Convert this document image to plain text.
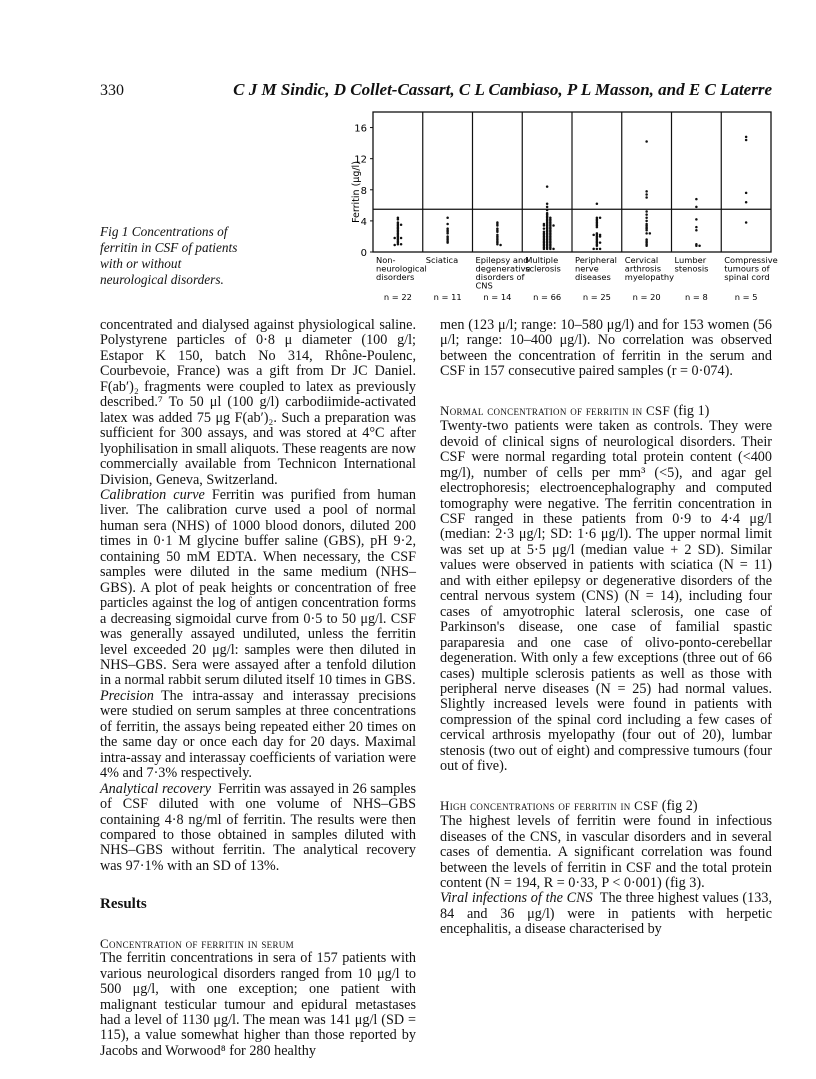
330	C J M Sindic, D Collet-Cassart, C L Cambiaso, P L Masson, and E C Laterre
Fig 1 Concentrations of ferritin in CSF of patients with or without neurological disorders.
0
4
8
12
16
Ferritin (μg/l)
Non-
neurological
disorders
n = 22
Sciatica
n = 11
Epilepsy and
degenerative
disorders of
CNS
n = 14
Multiple
sclerosis
n = 66
Peripheral
nerve
diseases
n = 25
Cervical
arthrosis
myelopathy
n = 20
Lumber
stenosis
n = 8
Compressive
tumours of
spinal cord
n = 5

concentrated and dialysed against physiological saline. Polystyrene particles of 0·8 μ diameter (100 g/l; Estapor K 150, batch No 314, Rhône-Poulenc, Courbevoie, France) was a gift from Dr JC Daniel. F(ab′)₂ fragments were coupled to latex as previously described.⁷ To 50 μl (100 g/l) carbodiimide-activated latex was added 75 μg F(ab′)₂. Such a preparation was sufficient for 300 assays, and was stored at 4°C after lyophilisation in small aliquots. These reagents are now commercially available from Technicon International Division, Geneva, Switzerland.

Calibration curve  Ferritin was purified from human liver. The calibration curve used a pool of normal human sera (NHS) of 1000 blood donors, diluted 200 times in 0·1 M glycine buffer saline (GBS), pH 9·2, containing 50 mM EDTA. When necessary, the CSF samples were diluted in the same medium (NHS–GBS). A plot of peak heights or concentration of free particles against the log of antigen concentration forms a decreasing sigmoidal curve from 0·5 to 50 μg/l. CSF was generally assayed undiluted, unless the ferritin level exceeded 20 μg/l: samples were then diluted in NHS–GBS. Sera were assayed after a tenfold dilution in a normal rabbit serum diluted itself 10 times in GBS.

Precision  The intra-assay and interassay precisions were studied on serum samples at three concentrations of ferritin, the assays being repeated either 20 times on the same day or once each day for 20 days. Maximal intra-assay and interassay coefficients of variation were 4% and 7·3% respectively.

Analytical recovery  Ferritin was assayed in 26 samples of CSF diluted with one volume of NHS–GBS containing 4·8 ng/ml of ferritin. The results were then compared to those obtained in samples diluted with NHS–GBS without ferritin. The analytical recovery was 97·1% with an SD of 13%.

Results

Concentration of ferritin in serum

The ferritin concentrations in sera of 157 patients with various neurological disorders ranged from 10 μg/l to 500 μg/l, with one exception; one patient with malignant testicular tumour and epidural metastases had a level of 1130 μg/l. The mean was 141 μg/l (SD = 115), a value somewhat higher than those reported by Jacobs and Worwood⁸ for 280 healthy

men (123 μ/l; range: 10–580 μg/l) and for 153 women (56 μ/l; range: 10–400 μg/l). No correlation was observed between the concentration of ferritin in the serum and CSF in 157 consecutive paired samples (r = 0·074).

Normal concentration of ferritin in CSF (fig 1)

Twenty-two patients were taken as controls. They were devoid of clinical signs of neurological disorders. Their CSF were normal regarding total protein content (<400 mg/l), number of cells per mm³ (<5), and agar gel electrophoresis; electroencephalography and computed tomography were negative. The ferritin concentration in CSF ranged in these patients from 0·9 to 4·4 μg/l (median: 2·3 μg/l; SD: 1·6 μg/l). The upper normal limit was set up at 5·5 μg/l (median value + 2 SD). Similar values were observed in patients with sciatica (N = 11) and with either epilepsy or degenerative disorders of the central nervous system (CNS) (N = 14), including four cases of amyotrophic lateral sclerosis, one case of Parkinson's disease, one case of familial spastic paraparesia and one case of olivo-ponto-cerebellar degeneration. With only a few exceptions (three out of 66 cases) multiple sclerosis patients as well as those with peripheral nerve diseases (N = 25) had normal values. Slightly increased levels were found in patients with compression of the spinal cord including a few cases of cervical arthrosis myelopathy (four out of 20), lumbar stenosis (two out of eight) and compressive tumours (four out of five).

High concentrations of ferritin in CSF (fig 2)

The highest levels of ferritin were found in infectious diseases of the CNS, in vascular disorders and in several cases of dementia. A significant correlation was found between the levels of ferritin in CSF and the total protein content (N = 194, R = 0·33, P < 0·001) (fig 3).

Viral infections of the CNS  The three highest values (133, 84 and 36 μg/l) were in patients with herpetic encephalitis, a disease characterised by
